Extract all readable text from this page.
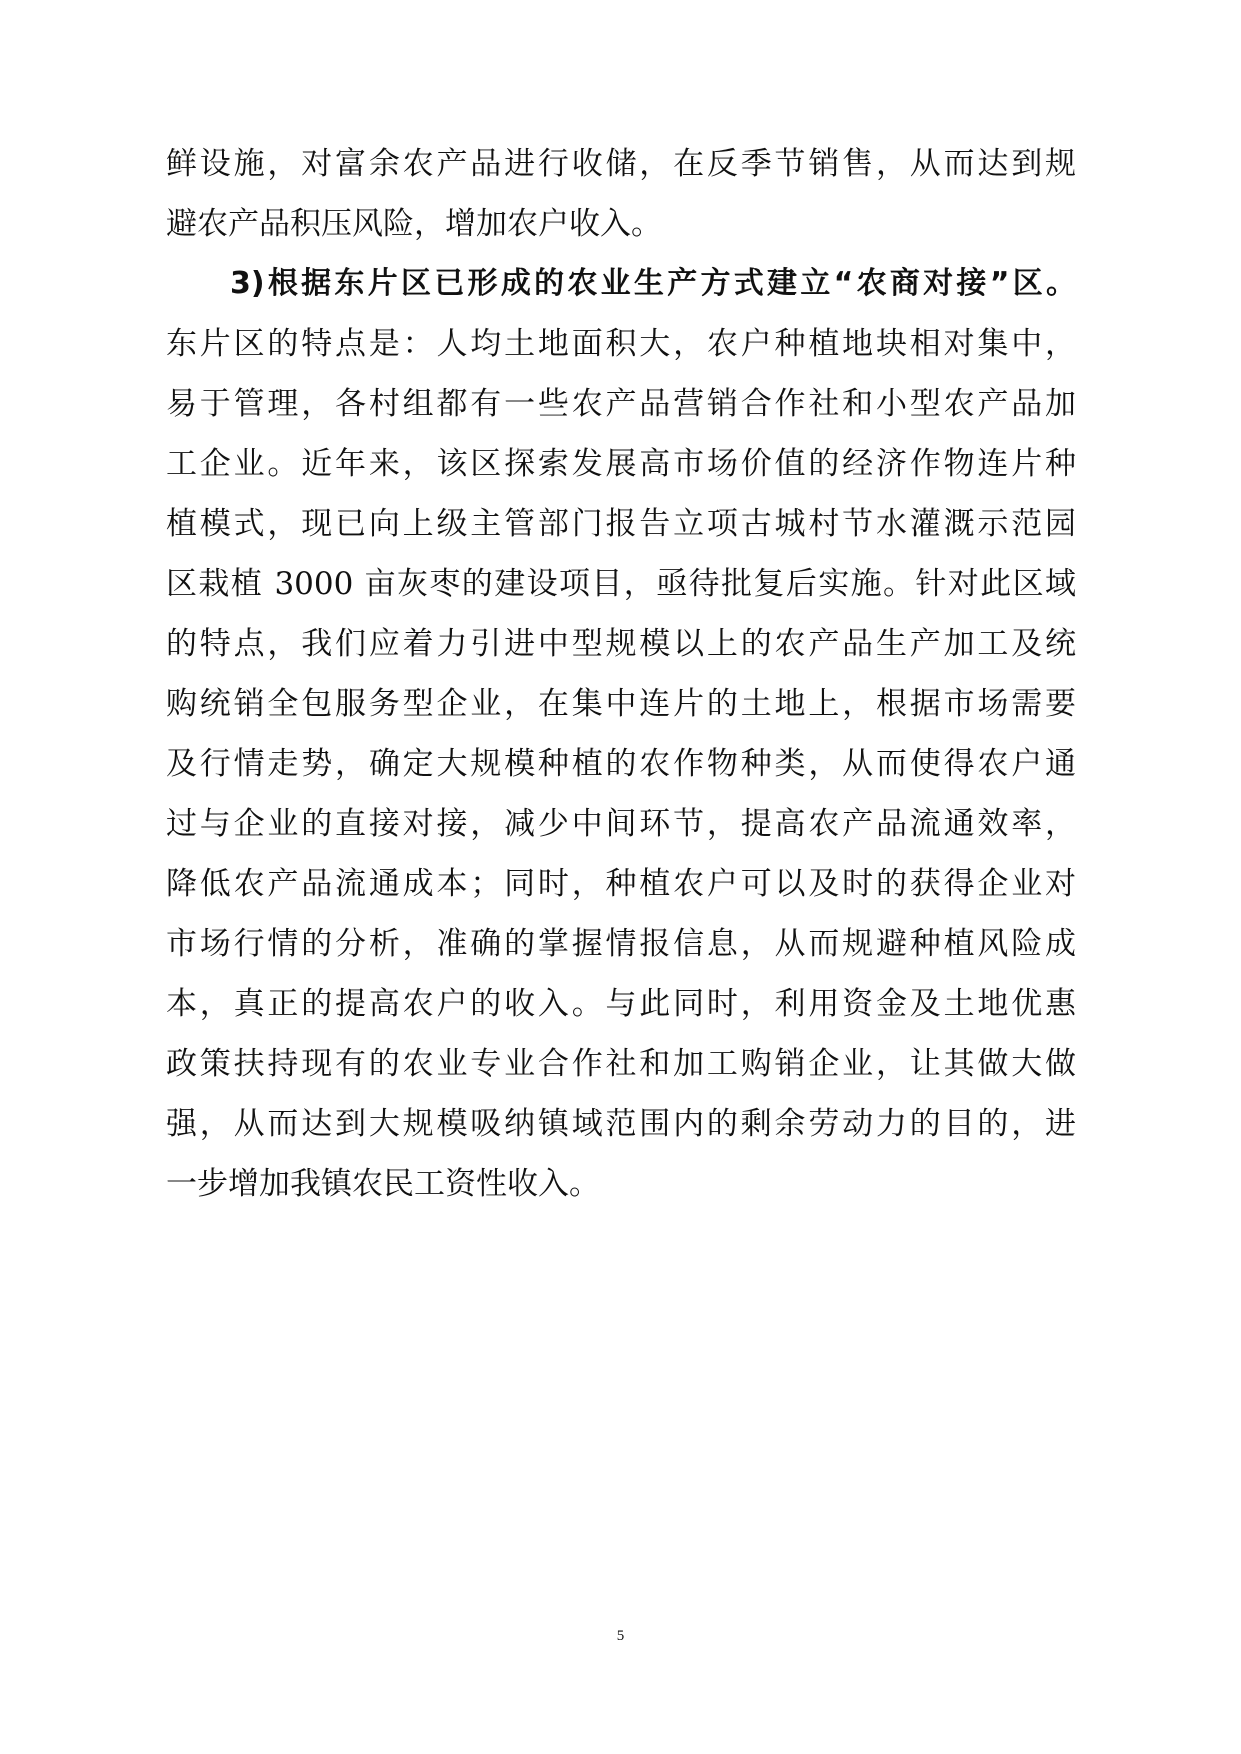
鲜设施，对富余农产品进行收储，在反季节销售，从而达到规
避农产品积压风险，增加农户收入。
3)根据东片区已形成的农业生产方式建立“农商对接”区。
东片区的特点是：人均土地面积大，农户种植地块相对集中，
易于管理，各村组都有一些农产品营销合作社和小型农产品加
工企业。近年来，该区探索发展高市场价值的经济作物连片种
植模式，现已向上级主管部门报告立项古城村节水灌溉示范园
区栽植 3000 亩灰枣的建设项目，亟待批复后实施。针对此区域
的特点，我们应着力引进中型规模以上的农产品生产加工及统
购统销全包服务型企业，在集中连片的土地上，根据市场需要
及行情走势，确定大规模种植的农作物种类，从而使得农户通
过与企业的直接对接，减少中间环节，提高农产品流通效率，
降低农产品流通成本；同时，种植农户可以及时的获得企业对
市场行情的分析，准确的掌握情报信息，从而规避种植风险成
本，真正的提高农户的收入。与此同时，利用资金及土地优惠
政策扶持现有的农业专业合作社和加工购销企业，让其做大做
强，从而达到大规模吸纳镇域范围内的剩余劳动力的目的，进
一步增加我镇农民工资性收入。
5
